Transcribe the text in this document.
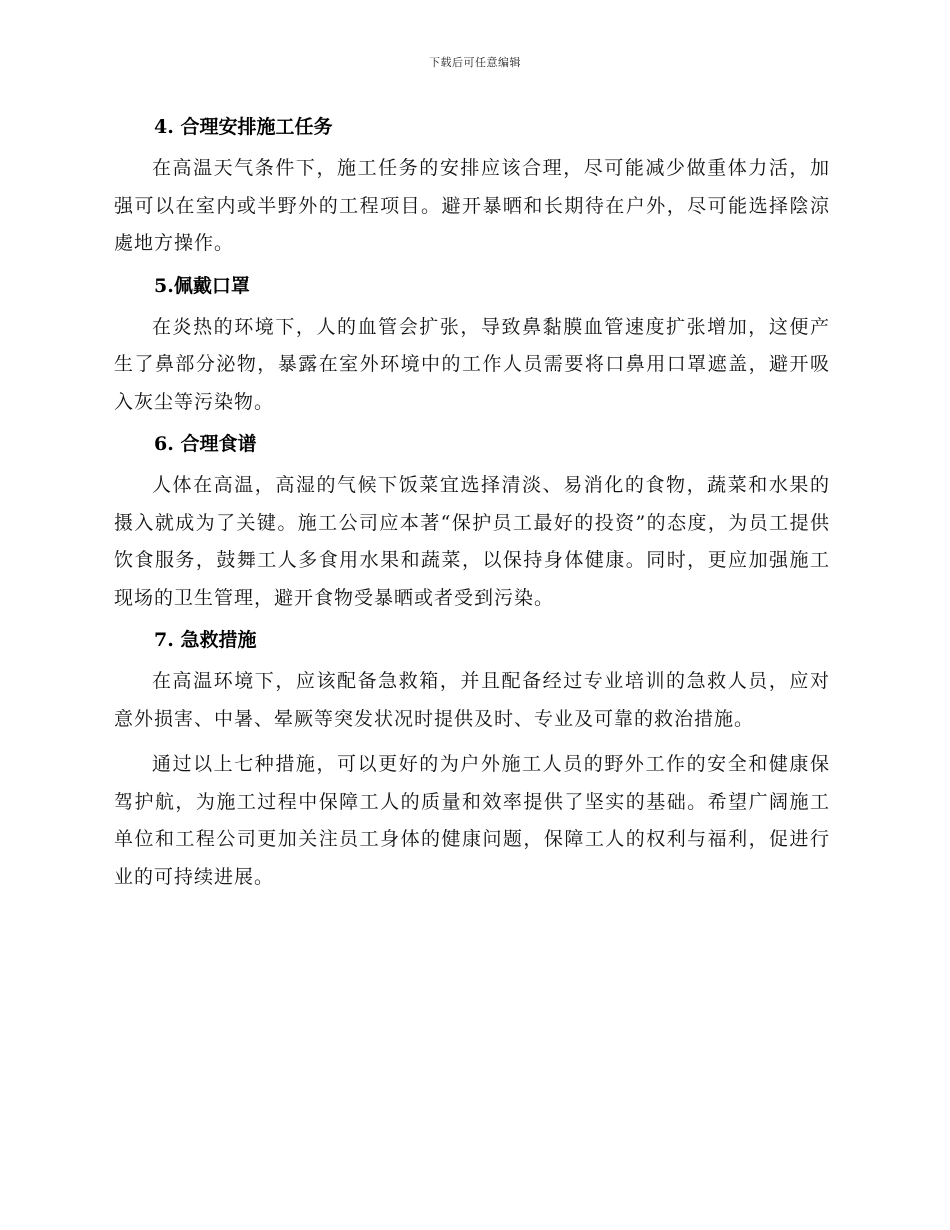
下载后可任意编辑
4. 合理安排施工任务

在高温天气条件下，施工任务的安排应该合理，尽可能减少做重体力活，加强可以在室内或半野外的工程项目。避开暴晒和长期待在户外，尽可能选择陰涼處地方操作。

5.佩戴口罩

在炎热的环境下，人的血管会扩张，导致鼻黏膜血管速度扩张增加，这便产生了鼻部分泌物，暴露在室外环境中的工作人员需要将口鼻用口罩遮盖，避开吸入灰尘等污染物。

6. 合理食谱

人体在高温，高湿的气候下饭菜宜选择清淡、易消化的食物，蔬菜和水果的摄入就成为了关键。施工公司应本著“保护员工最好的投资”的态度，为员工提供饮食服务，鼓舞工人多食用水果和蔬菜，以保持身体健康。同时，更应加强施工现场的卫生管理，避开食物受暴晒或者受到污染。

7. 急救措施

在高温环境下，应该配备急救箱，并且配备经过专业培训的急救人员，应对意外损害、中暑、晕厥等突发状况时提供及时、专业及可靠的救治措施。

通过以上七种措施，可以更好的为户外施工人员的野外工作的安全和健康保驾护航，为施工过程中保障工人的质量和效率提供了坚实的基础。希望广阔施工单位和工程公司更加关注员工身体的健康问题，保障工人的权利与福利，促进行业的可持续进展。
